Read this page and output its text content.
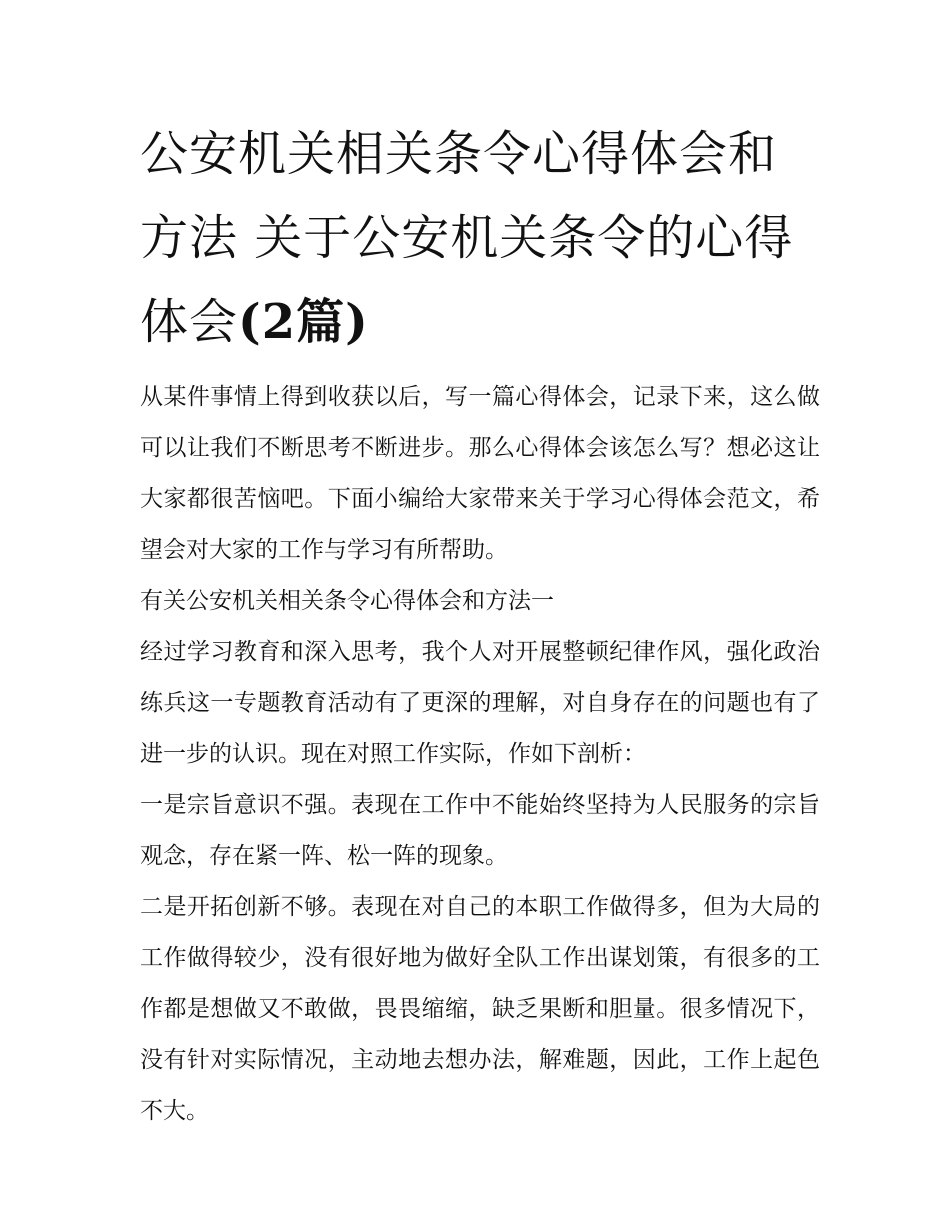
公安机关相关条令心得体会和方法 关于公安机关条令的心得体会(2篇)

从某件事情上得到收获以后，写一篇心得体会，记录下来，这么做可以让我们不断思考不断进步。那么心得体会该怎么写？想必这让大家都很苦恼吧。下面小编给大家带来关于学习心得体会范文，希望会对大家的工作与学习有所帮助。

有关公安机关相关条令心得体会和方法一

经过学习教育和深入思考，我个人对开展整顿纪律作风，强化政治练兵这一专题教育活动有了更深的理解，对自身存在的问题也有了进一步的认识。现在对照工作实际，作如下剖析：

一是宗旨意识不强。表现在工作中不能始终坚持为人民服务的宗旨观念，存在紧一阵、松一阵的现象。

二是开拓创新不够。表现在对自己的本职工作做得多，但为大局的工作做得较少，没有很好地为做好全队工作出谋划策，有很多的工作都是想做又不敢做，畏畏缩缩，缺乏果断和胆量。很多情况下，没有针对实际情况，主动地去想办法，解难题，因此，工作上起色不大。
